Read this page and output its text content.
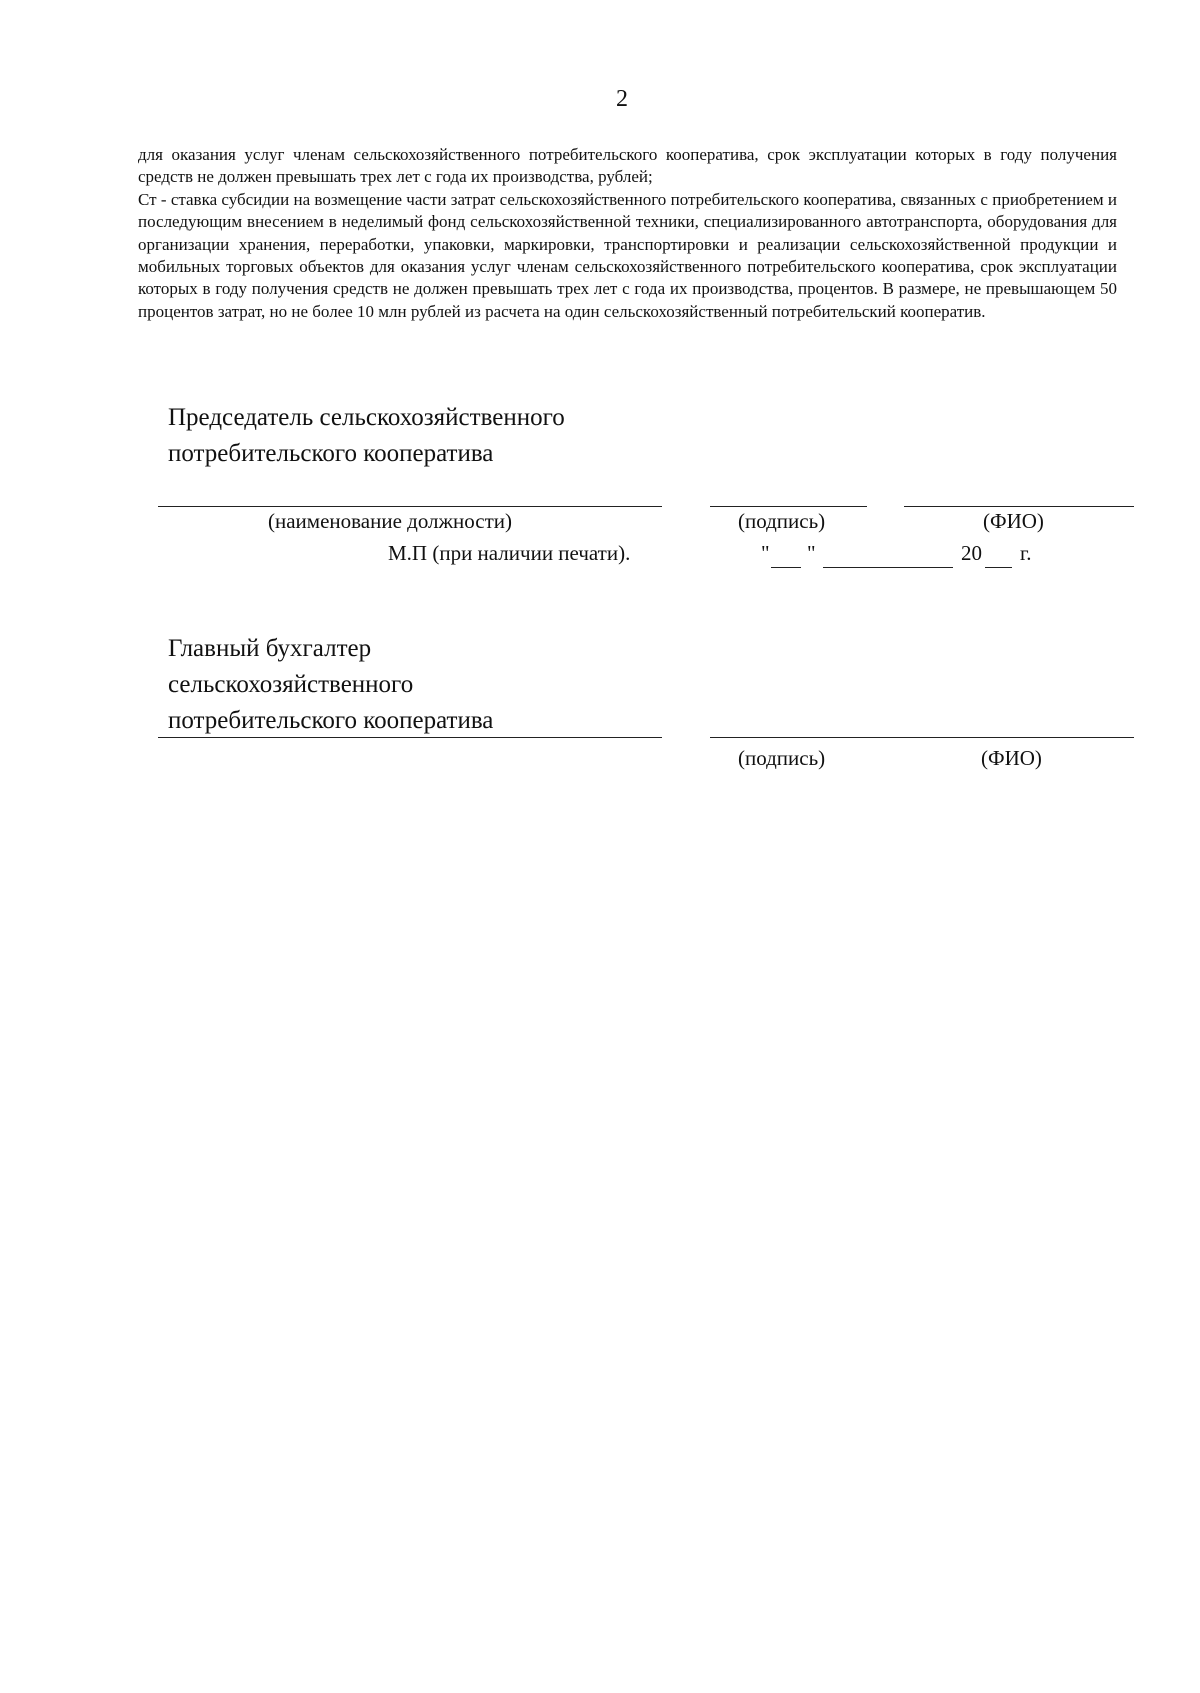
2

для оказания услуг членам сельскохозяйственного потребительского кооператива, срок эксплуатации которых в году получения средств не должен превышать трех лет с года их производства, рублей;

Ст - ставка субсидии на возмещение части затрат сельскохозяйственного потребительского кооператива, связанных с приобретением и последующим внесением в неделимый фонд сельскохозяйственной техники, специализированного автотранспорта, оборудования для организации хранения, переработки, упаковки, маркировки, транспортировки и реализации сельскохозяйственной продукции и мобильных торговых объектов для оказания услуг членам сельскохозяйственного потребительского кооператива, срок эксплуатации которых в году получения средств не должен превышать трех лет с года их производства, процентов. В размере, не превышающем 50 процентов затрат, но не более 10 млн рублей из расчета на один сельскохозяйственный потребительский кооператив.

Председатель сельскохозяйственного
потребительского кооператива
(наименование должности)	(подпись)	(ФИО)
М.П (при наличии печати).	" "	20 г.
Главный бухгалтер
сельскохозяйственного
потребительского кооператива
(подпись)	(ФИО)
